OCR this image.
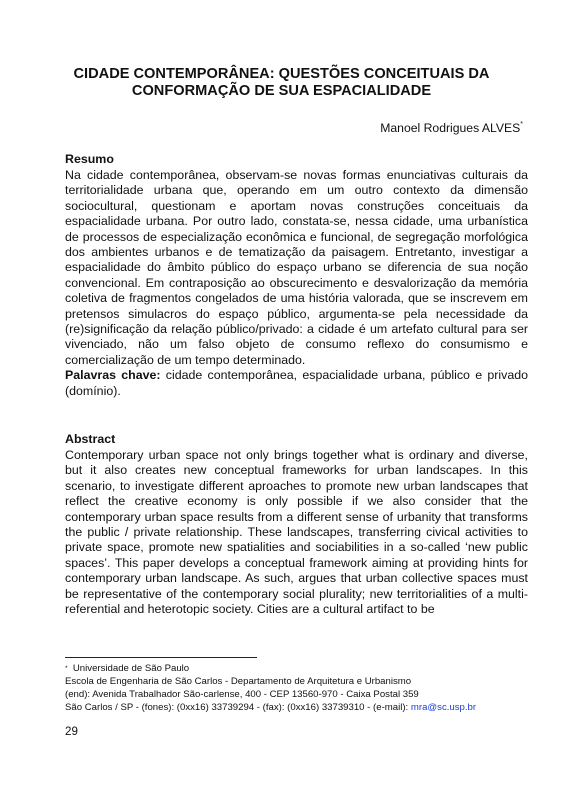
CIDADE CONTEMPORÂNEA: QUESTÕES CONCEITUAIS DA CONFORMAÇÃO DE SUA ESPACIALIDADE
Manoel Rodrigues ALVES*
Resumo
Na cidade contemporânea, observam-se novas formas enunciativas culturais da territorialidade urbana que, operando em um outro contexto da dimensão sociocultural, questionam e aportam novas construções conceituais da espacialidade urbana. Por outro lado, constata-se, nessa cidade, uma urbanística de processos de especialização econômica e funcional, de segregação morfológica dos ambientes urbanos e de tematização da paisagem. Entretanto, investigar a espacialidade do âmbito público do espaço urbano se diferencia de sua noção convencional. Em contraposição ao obscurecimento e desvalorização da memória coletiva de fragmentos congelados de uma história valorada, que se inscrevem em pretensos simulacros do espaço público, argumenta-se pela necessidade da (re)significação da relação público/privado: a cidade é um artefato cultural para ser vivenciado, não um falso objeto de consumo reflexo do consumismo e comercialização de um tempo determinado.
Palavras chave: cidade contemporânea, espacialidade urbana, público e privado (domínio).
Abstract
Contemporary urban space not only brings together what is ordinary and diverse, but it also creates new conceptual frameworks for urban landscapes. In this scenario, to investigate different aproaches to promote new urban landscapes that reflect the creative economy is only possible if we also consider that the contemporary urban space results from a different sense of urbanity that transforms the public / private relationship. These landscapes, transferring civical activities to private space, promote new spatialities and sociabilities in a so-called ‘new public spaces’. This paper develops a conceptual framework aiming at providing hints for contemporary urban landscape. As such, argues that urban collective spaces must be representative of the contemporary social plurality; new territorialities of a multi-referential and heterotopic society. Cities are a cultural artifact to be
* Universidade de São Paulo
Escola de Engenharia de São Carlos - Departamento de Arquitetura e Urbanismo
(end): Avenida Trabalhador São-carlense, 400 - CEP 13560-970 - Caixa Postal 359
São Carlos / SP - (fones): (0xx16) 33739294 - (fax): (0xx16) 33739310 - (e-mail): mra@sc.usp.br
29
